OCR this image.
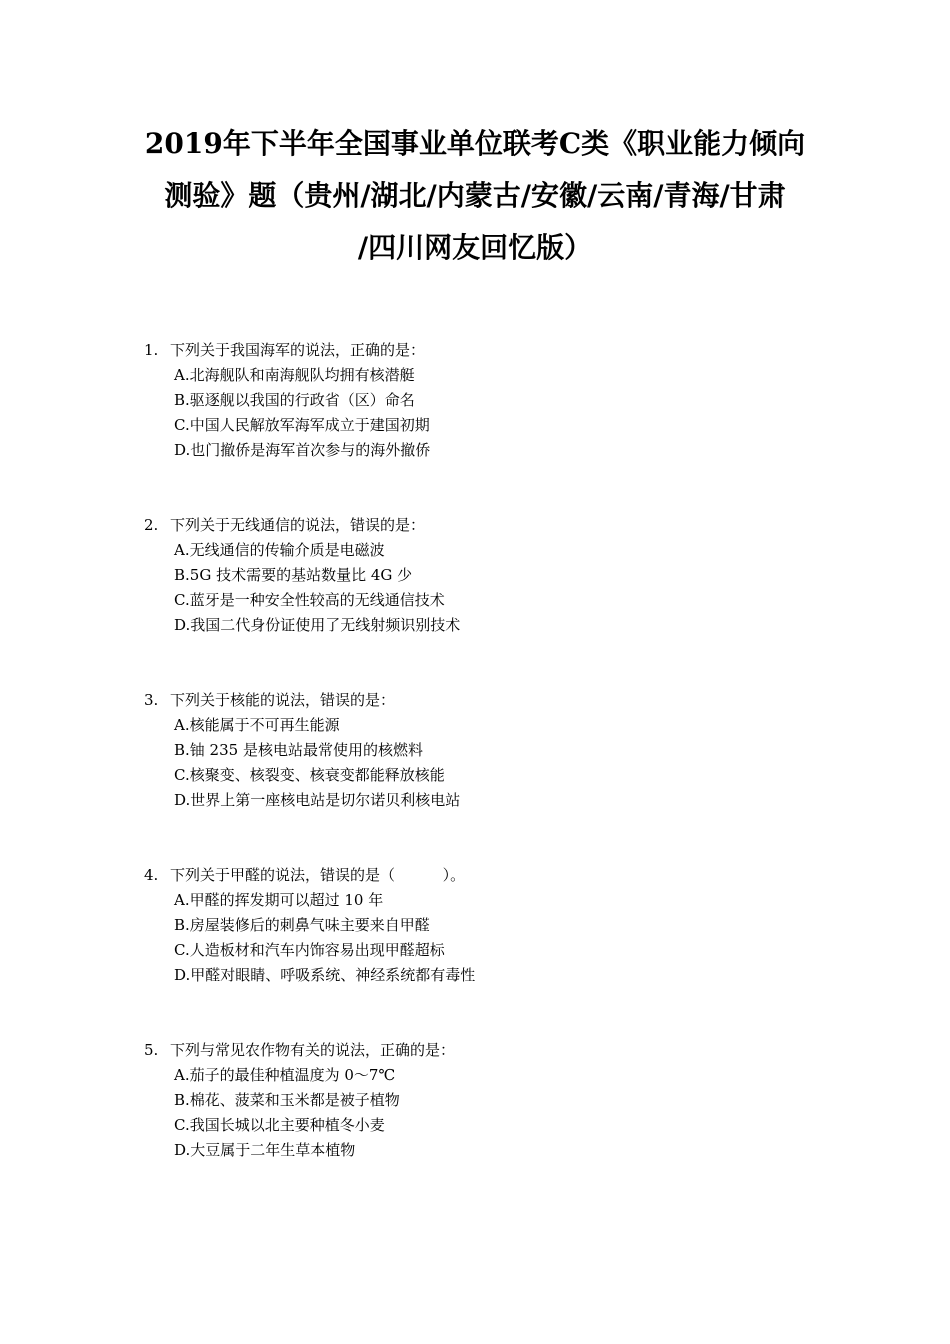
2019年下半年全国事业单位联考C类《职业能力倾向
测验》题（贵州/湖北/内蒙古/安徽/云南/青海/甘肃
/四川网友回忆版）
1. 下列关于我国海军的说法，正确的是：
A.北海舰队和南海舰队均拥有核潜艇
B.驱逐舰以我国的行政省（区）命名
C.中国人民解放军海军成立于建国初期
D.也门撤侨是海军首次参与的海外撤侨
2. 下列关于无线通信的说法，错误的是：
A.无线通信的传输介质是电磁波
B.5G 技术需要的基站数量比 4G 少
C.蓝牙是一种安全性较高的无线通信技术
D.我国二代身份证使用了无线射频识别技术
3. 下列关于核能的说法，错误的是：
A.核能属于不可再生能源
B.铀 235 是核电站最常使用的核燃料
C.核聚变、核裂变、核衰变都能释放核能
D.世界上第一座核电站是切尔诺贝利核电站
4. 下列关于甲醛的说法，错误的是（          ）。
A.甲醛的挥发期可以超过 10 年
B.房屋装修后的刺鼻气味主要来自甲醛
C.人造板材和汽车内饰容易出现甲醛超标
D.甲醛对眼睛、呼吸系统、神经系统都有毒性
5. 下列与常见农作物有关的说法，正确的是：
A.茄子的最佳种植温度为 0～7℃
B.棉花、菠菜和玉米都是被子植物
C.我国长城以北主要种植冬小麦
D.大豆属于二年生草本植物
